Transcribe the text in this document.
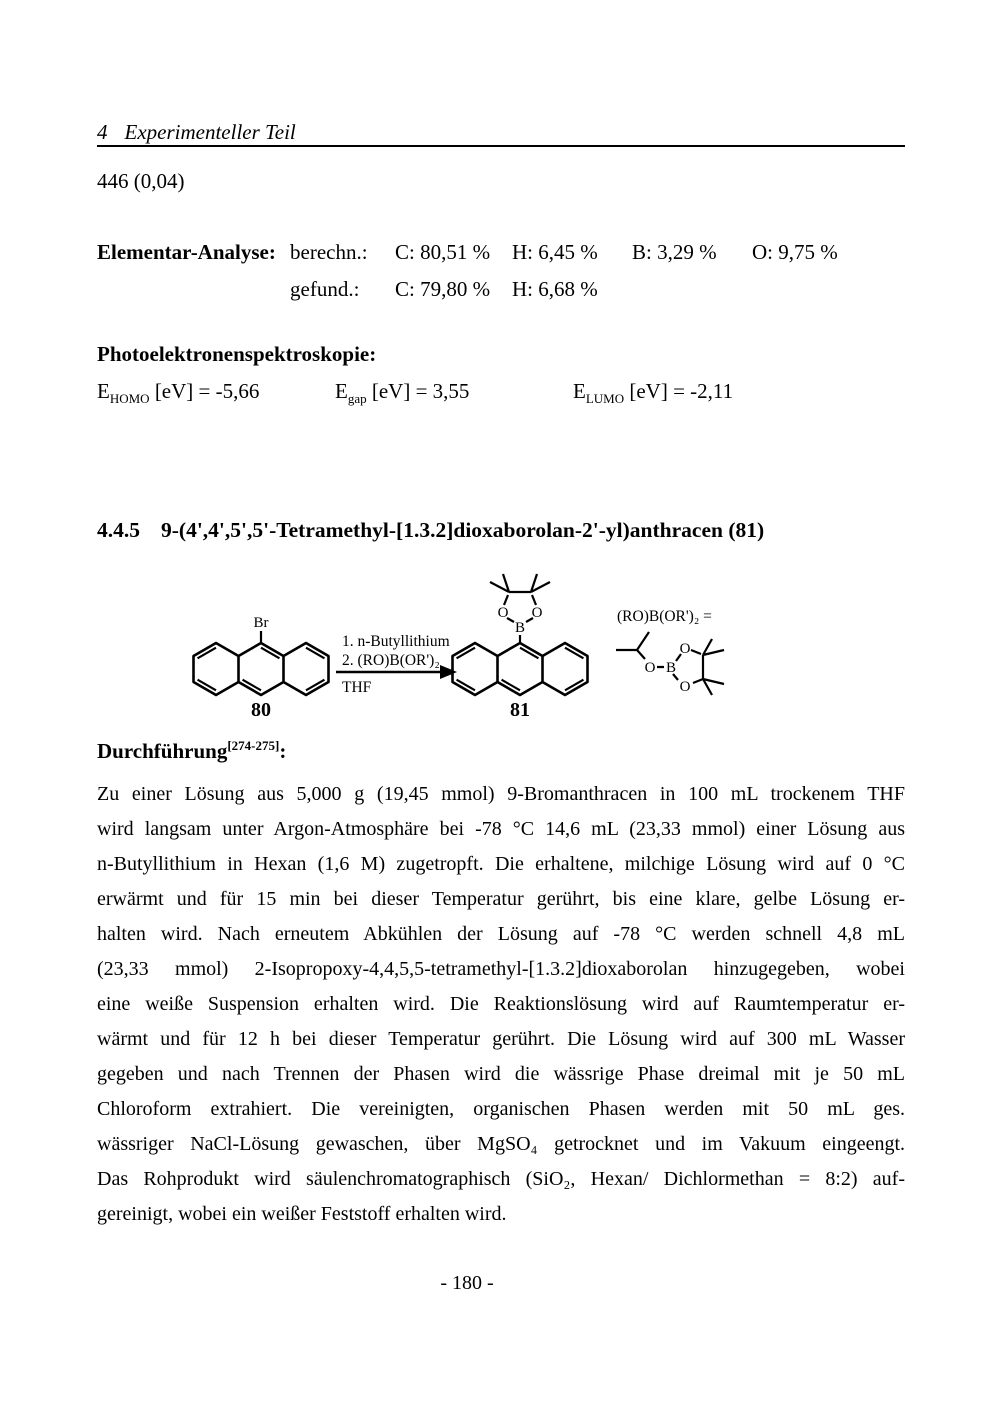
4 Experimenteller Teil
446 (0,04)
Elementar-Analyse: berechn.:	C: 80,51 %	H: 6,45 %	B: 3,29 %	O: 9,75 %
gefund.:	C: 79,80 %	H: 6,68 %
Photoelektronenspektroskopie:
$E_{HOMO}$ [eV] = -5,66	$E_{gap}$ [eV] = 3,55	$E_{LUMO}$ [eV] = -2,11
4.4.5 9-(4',4',5',5'-Tetramethyl-[1.3.2]dioxaborolan-2'-yl)anthracen (81)
Br
80
1. n-Butyllithium
2. (RO)B(OR')₂
THF
B
O O
81
(RO)B(OR')₂ =
O B
O
O
Durchführung[274-275]:
Zu einer Lösung aus 5,000 g (19,45 mmol) 9-Bromanthracen in 100 mL trockenem THF
wird langsam unter Argon-Atmosphäre bei -78 °C 14,6 mL (23,33 mmol) einer Lösung aus
n-Butyllithium in Hexan (1,6 M) zugetropft. Die erhaltene, milchige Lösung wird auf 0 °C
erwärmt und für 15 min bei dieser Temperatur gerührt, bis eine klare, gelbe Lösung er-
halten wird. Nach erneutem Abkühlen der Lösung auf -78 °C werden schnell 4,8 mL
(23,33 mmol) 2-Isopropoxy-4,4,5,5-tetramethyl-[1.3.2]dioxaborolan hinzugegeben, wobei
eine weiße Suspension erhalten wird. Die Reaktionslösung wird auf Raumtemperatur er-
wärmt und für 12 h bei dieser Temperatur gerührt. Die Lösung wird auf 300 mL Wasser
gegeben und nach Trennen der Phasen wird die wässrige Phase dreimal mit je 50 mL
Chloroform extrahiert. Die vereinigten, organischen Phasen werden mit 50 mL ges.
wässriger NaCl-Lösung gewaschen, über MgSO₄ getrocknet und im Vakuum eingeengt.
Das Rohprodukt wird säulenchromatographisch (SiO₂, Hexan/ Dichlormethan = 8:2) auf-
gereinigt, wobei ein weißer Feststoff erhalten wird.
- 180 -
